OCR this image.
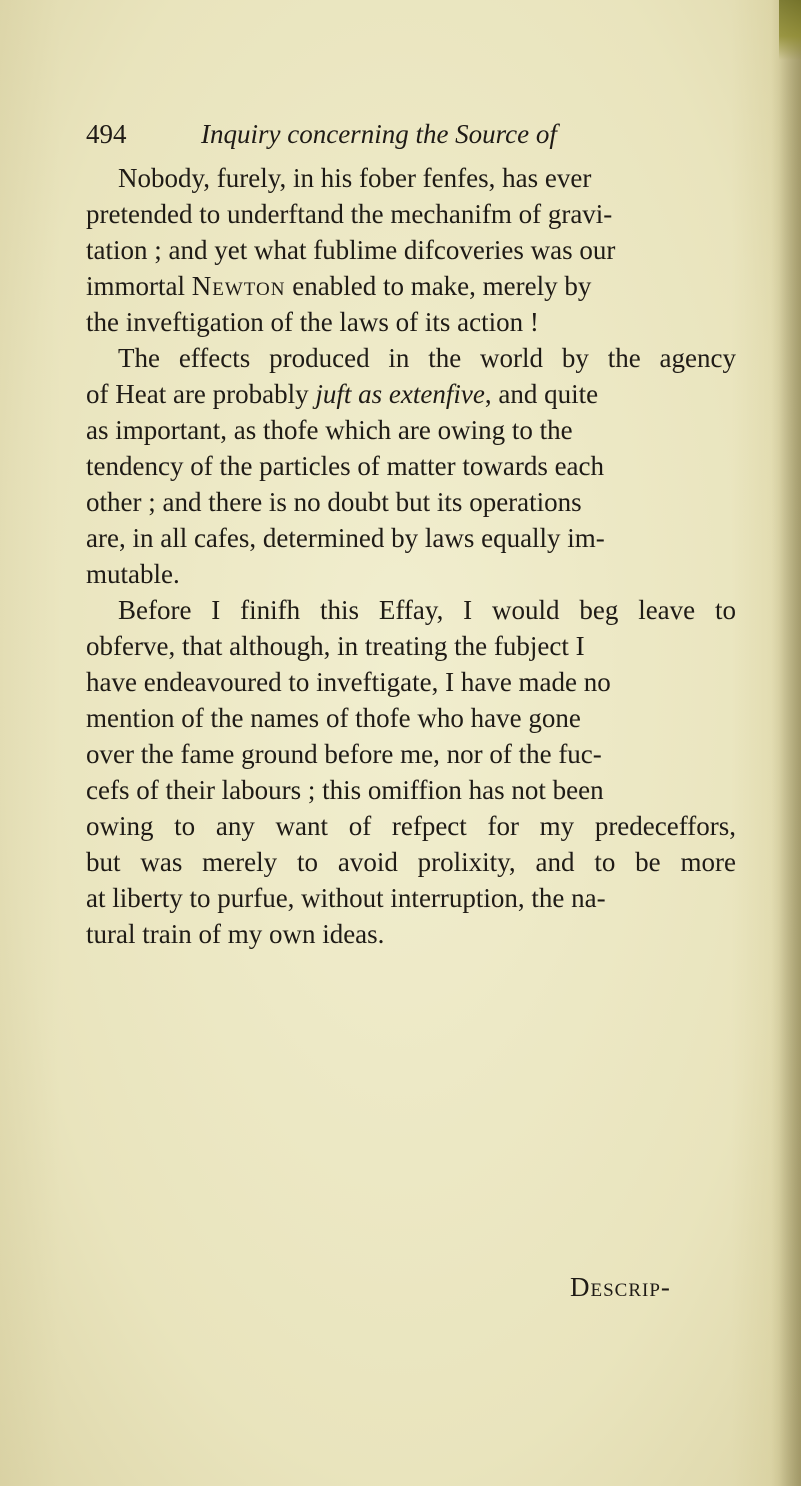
494	Inquiry concerning the Source of
Nobody, furely, in his fober fenfes, has ever
pretended to underftand the mechanifm of gravi-
tation ; and yet what fublime difcoveries was our
immortal Newton enabled to make, merely by
the inveftigation of the laws of its action !
The effects produced in the world by the agency
of Heat are probably juft as extenfive, and quite
as important, as thofe which are owing to the
tendency of the particles of matter towards each
other ; and there is no doubt but its operations
are, in all cafes, determined by laws equally im-
mutable.
Before I finifh this Effay, I would beg leave to
obferve, that although, in treating the fubject I
have endeavoured to inveftigate, I have made no
mention of the names of thofe who have gone
over the fame ground before me, nor of the fuc-
cefs of their labours ; this omiffion has not been
owing to any want of refpect for my predeceffors,
but was merely to avoid prolixity, and to be more
at liberty to purfue, without interruption, the na-
tural train of my own ideas.
Descrip-
